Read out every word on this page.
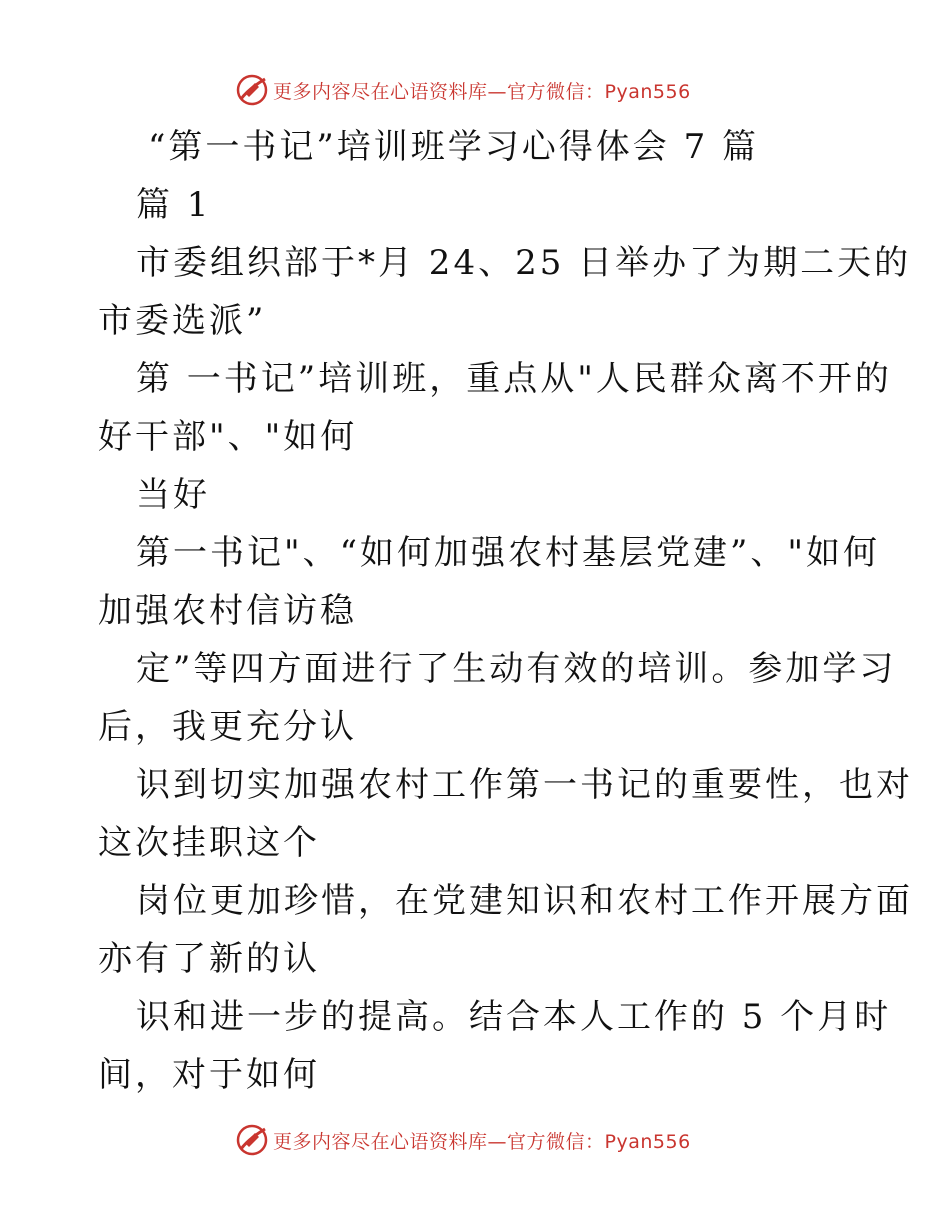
更多内容尽在心语资料库—官方微信：Pyan556
“第一书记”培训班学习心得体会 7 篇
篇 1
市委组织部于*月 24、25 日举办了为期二天的
市委选派”
第 一书记”培训班，重点从"人民群众离不开的
好干部"、"如何
当好
第一书记"、“如何加强农村基层党建”、"如何
加强农村信访稳
定”等四方面进行了生动有效的培训。参加学习
后，我更充分认
识到切实加强农村工作第一书记的重要性，也对
这次挂职这个
岗位更加珍惜，在党建知识和农村工作开展方面
亦有了新的认
识和进一步的提高。结合本人工作的 5 个月时
间，对于如何
更多内容尽在心语资料库—官方微信：Pyan556
